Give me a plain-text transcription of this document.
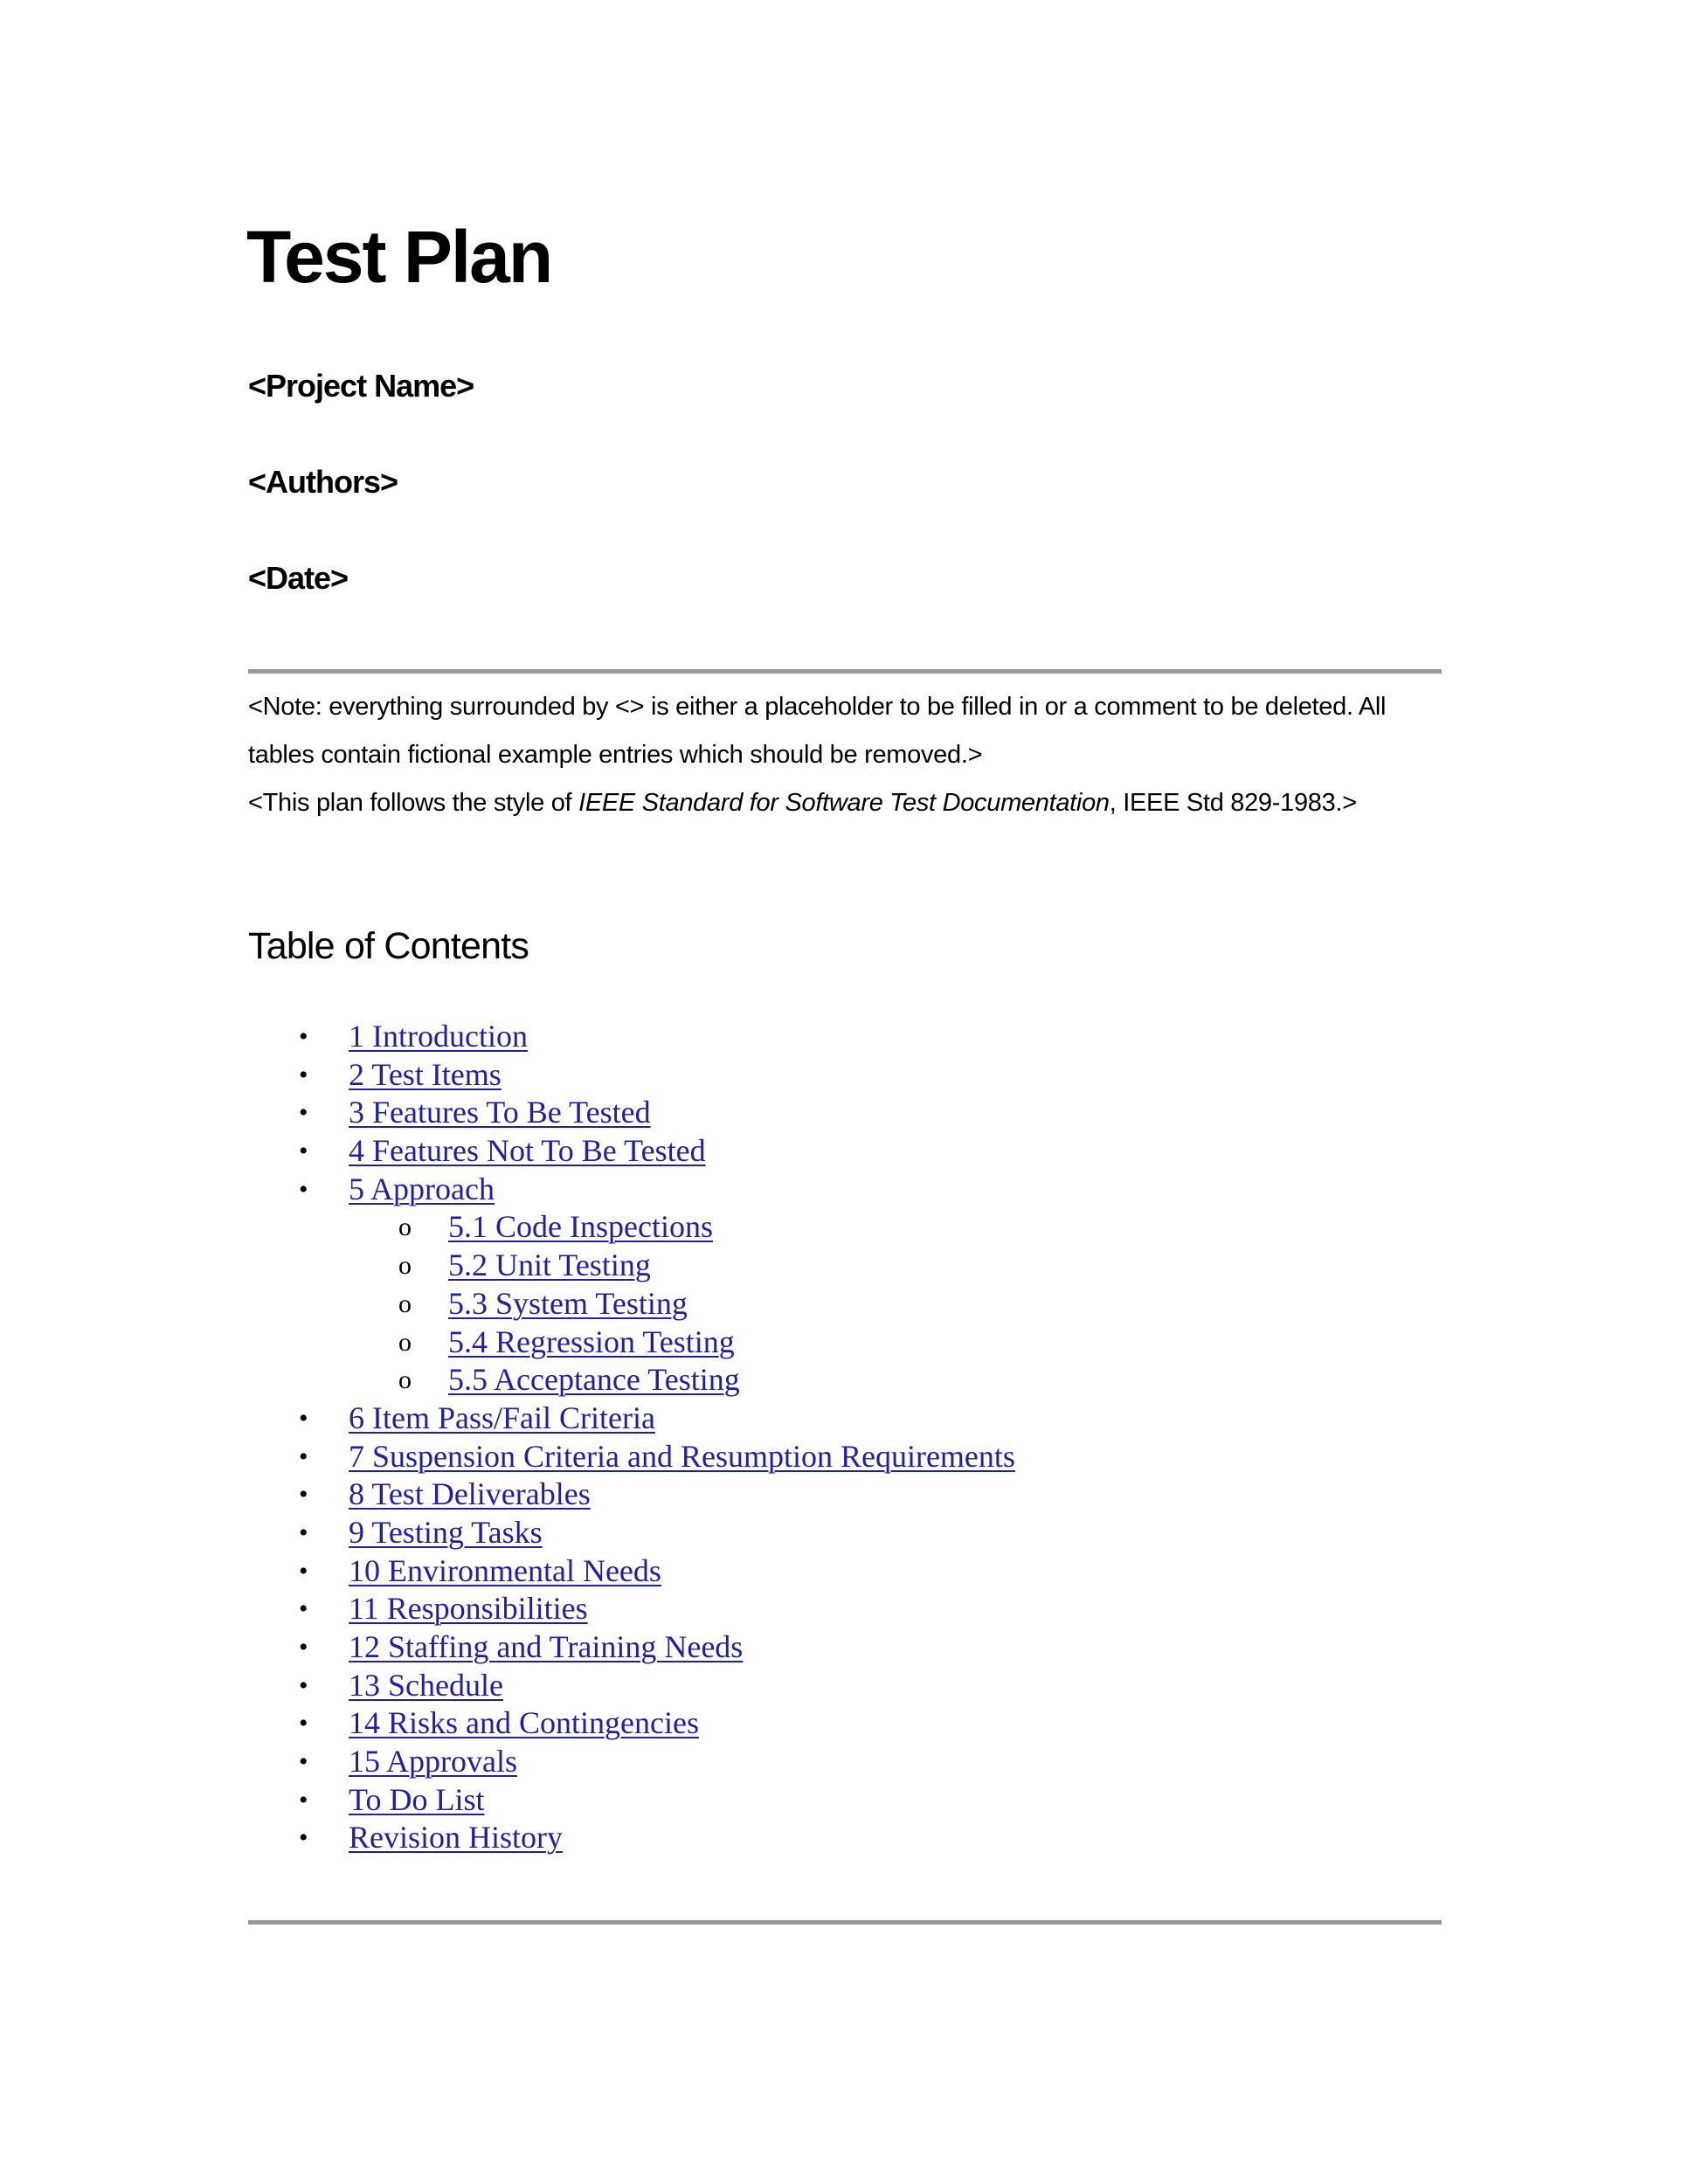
Test Plan
<Project Name>
<Authors>
<Date>

<Note: everything surrounded by <> is either a placeholder to be filled in or a comment to be deleted. All tables contain fictional example entries which should be removed.>

<This plan follows the style of IEEE Standard for Software Test Documentation, IEEE Std 829-1983.>

Table of Contents
• 1 Introduction
• 2 Test Items
• 3 Features To Be Tested
• 4 Features Not To Be Tested
• 5 Approach
o 5.1 Code Inspections
o 5.2 Unit Testing
o 5.3 System Testing
o 5.4 Regression Testing
o 5.5 Acceptance Testing
• 6 Item Pass/Fail Criteria
• 7 Suspension Criteria and Resumption Requirements
• 8 Test Deliverables
• 9 Testing Tasks
• 10 Environmental Needs
• 11 Responsibilities
• 12 Staffing and Training Needs
• 13 Schedule
• 14 Risks and Contingencies
• 15 Approvals
• To Do List
• Revision History
